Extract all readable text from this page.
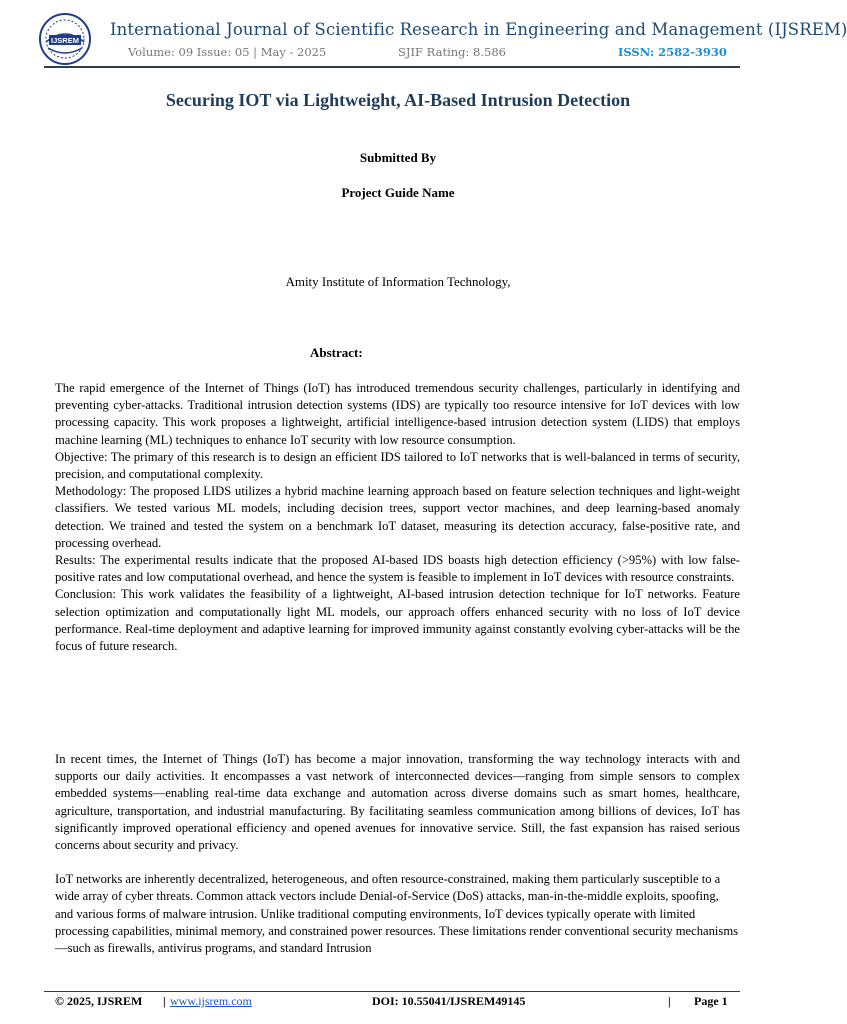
IJSREM
International Journal of Scientific Research in Engineering and Management (IJSREM)
Volume: 09 Issue: 05 | May - 2025	SJIF Rating: 8.586	ISSN: 2582-3930
Securing IOT via Lightweight, AI-Based Intrusion Detection
Submitted By
Project Guide Name
Amity Institute of Information Technology,
Abstract:

The rapid emergence of the Internet of Things (IoT) has introduced tremendous security challenges, particularly in identifying and preventing cyber-attacks. Traditional intrusion detection systems (IDS) are typically too resource intensive for IoT devices with low processing capacity. This work proposes a lightweight, artificial intelligence-based intrusion detection system (LIDS) that employs machine learning (ML) techniques to enhance IoT security with low resource consumption.

Objective: The primary of this research is to design an efficient IDS tailored to IoT networks that is well-balanced in terms of security, precision, and computational complexity.

Methodology: The proposed LIDS utilizes a hybrid machine learning approach based on feature selection techniques and light-weight classifiers. We tested various ML models, including decision trees, support vector machines, and deep learning-based anomaly detection. We trained and tested the system on a benchmark IoT dataset, measuring its detection accuracy, false-positive rate, and processing overhead.

Results: The experimental results indicate that the proposed AI-based IDS boasts high detection efficiency (>95%) with low false-positive rates and low computational overhead, and hence the system is feasible to implement in IoT devices with resource constraints.

Conclusion: This work validates the feasibility of a lightweight, AI-based intrusion detection technique for IoT networks. Feature selection optimization and computationally light ML models, our approach offers enhanced security with no loss of IoT device performance. Real-time deployment and adaptive learning for improved immunity against constantly evolving cyber-attacks will be the focus of future research.

In recent times, the Internet of Things (IoT) has become a major innovation, transforming the way technology interacts with and supports our daily activities. It encompasses a vast network of interconnected devices—ranging from simple sensors to complex embedded systems—enabling real-time data exchange and automation across diverse domains such as smart homes, healthcare, agriculture, transportation, and industrial manufacturing. By facilitating seamless communication among billions of devices, IoT has significantly improved operational efficiency and opened avenues for innovative service. Still, the fast expansion has raised serious concerns about security and privacy.

IoT networks are inherently decentralized, heterogeneous, and often resource-constrained, making them particularly susceptible to a wide array of cyber threats. Common attack vectors include Denial-of-Service (DoS) attacks, man-in-the-middle exploits, spoofing, and various forms of malware intrusion. Unlike traditional computing environments, IoT devices typically operate with limited processing capabilities, minimal memory, and constrained power resources. These limitations render conventional security mechanisms—such as firewalls, antivirus programs, and standard Intrusion

© 2025, IJSREM | www.ijsrem.com	DOI: 10.55041/IJSREM49145	| Page 1
